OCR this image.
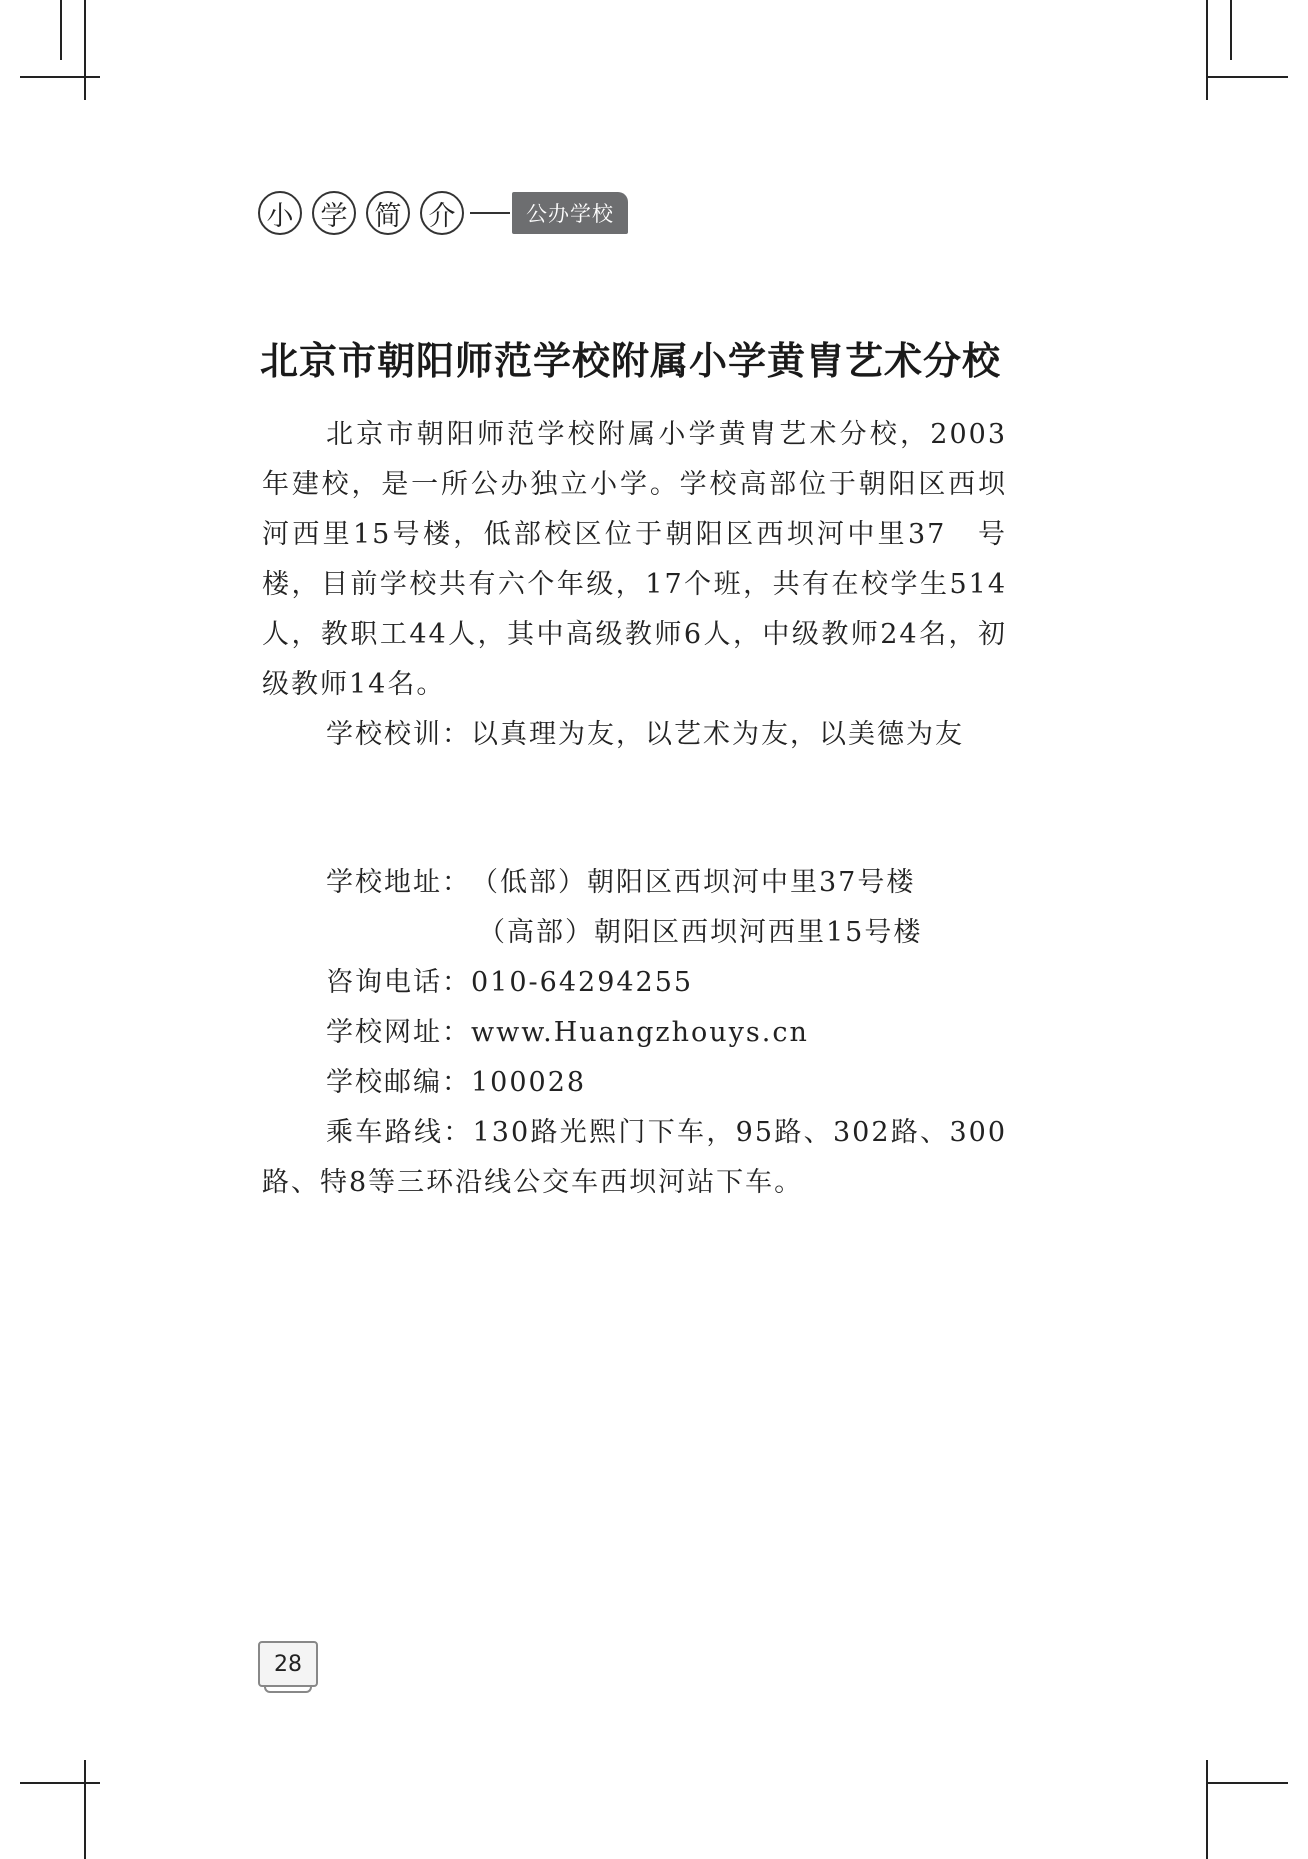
小	学	简	介	公办学校
北京市朝阳师范学校附属小学黄胄艺术分校

北京市朝阳师范学校附属小学黄胄艺术分校，2003年建校，是一所公办独立小学。学校高部位于朝阳区西坝河西里15号楼，低部校区位于朝阳区西坝河中里37　号楼，目前学校共有六个年级，17个班，共有在校学生514人，教职工44人，其中高级教师6人，中级教师24名，初级教师14名。

学校校训：以真理为友，以艺术为友，以美德为友

学校地址： （低部）朝阳区西坝河中里37号楼
（高部）朝阳区西坝河西里15号楼
咨询电话： 010-64294255
学校网址： www.Huangzhouys.cn
学校邮编： 100028
乘车路线：130路光熙门下车，95路、302路、300路、特8等三环沿线公交车西坝河站下车。
28
